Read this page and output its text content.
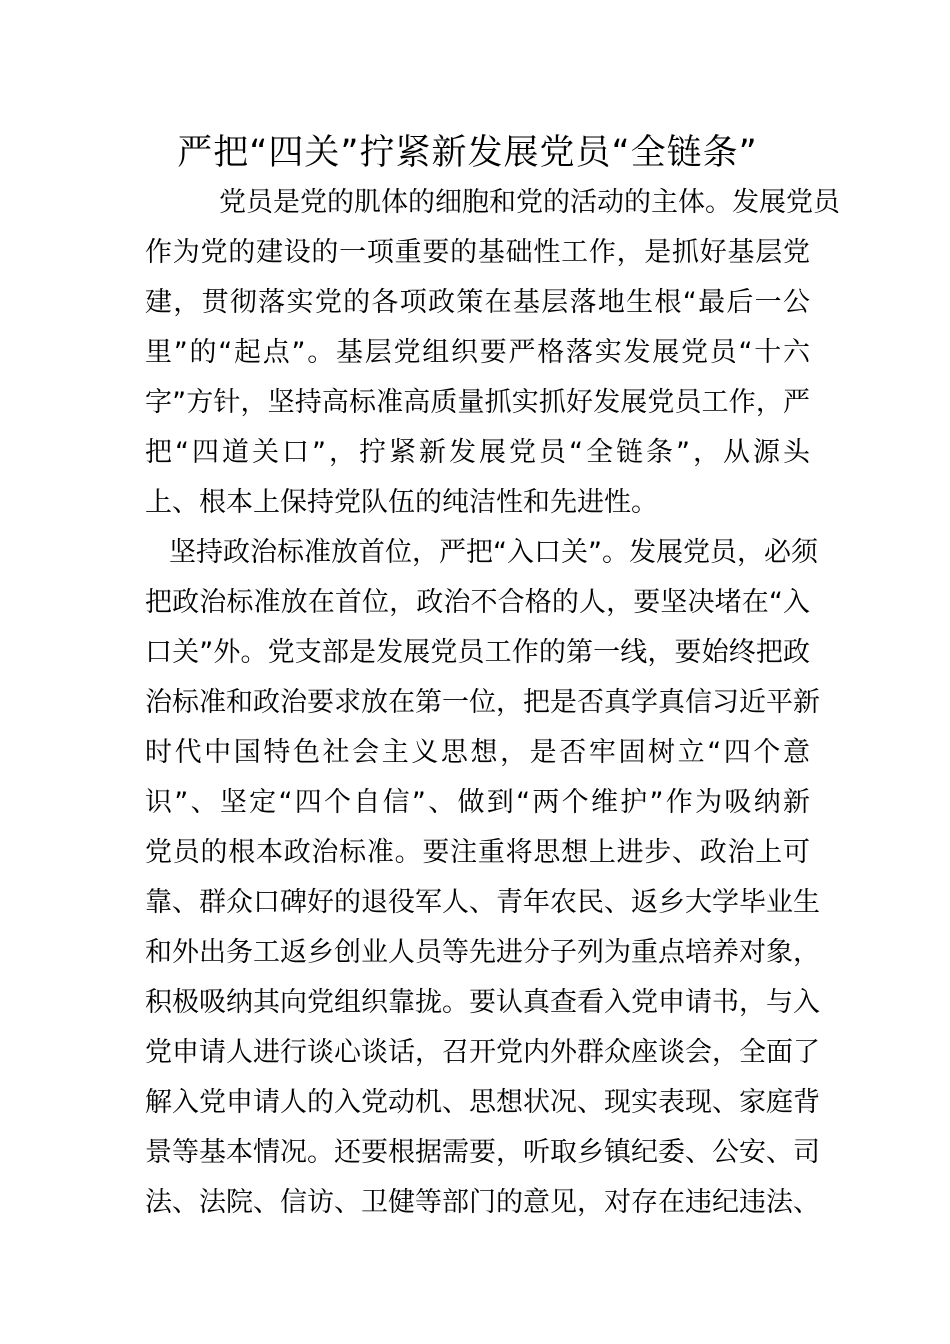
严把“四关”拧紧新发展党员“全链条”
党员是党的肌体的细胞和党的活动的主体。发展党员
作为党的建设的一项重要的基础性工作，是抓好基层党
建，贯彻落实党的各项政策在基层落地生根“最后一公
里”的“起点”。基层党组织要严格落实发展党员“十六
字”方针，坚持高标准高质量抓实抓好发展党员工作，严
把“四道关口”，拧紧新发展党员“全链条”，从源头
上、根本上保持党队伍的纯洁性和先进性。
坚持政治标准放首位，严把“入口关”。发展党员，必须
把政治标准放在首位，政治不合格的人，要坚决堵在“入
口关”外。党支部是发展党员工作的第一线，要始终把政
治标准和政治要求放在第一位，把是否真学真信习近平新
时代中国特色社会主义思想，是否牢固树立“四个意
识”、坚定“四个自信”、做到“两个维护”作为吸纳新
党员的根本政治标准。要注重将思想上进步、政治上可
靠、群众口碑好的退役军人、青年农民、返乡大学毕业生
和外出务工返乡创业人员等先进分子列为重点培养对象，
积极吸纳其向党组织靠拢。要认真查看入党申请书，与入
党申请人进行谈心谈话，召开党内外群众座谈会，全面了
解入党申请人的入党动机、思想状况、现实表现、家庭背
景等基本情况。还要根据需要，听取乡镇纪委、公安、司
法、法院、信访、卫健等部门的意见，对存在违纪违法、
